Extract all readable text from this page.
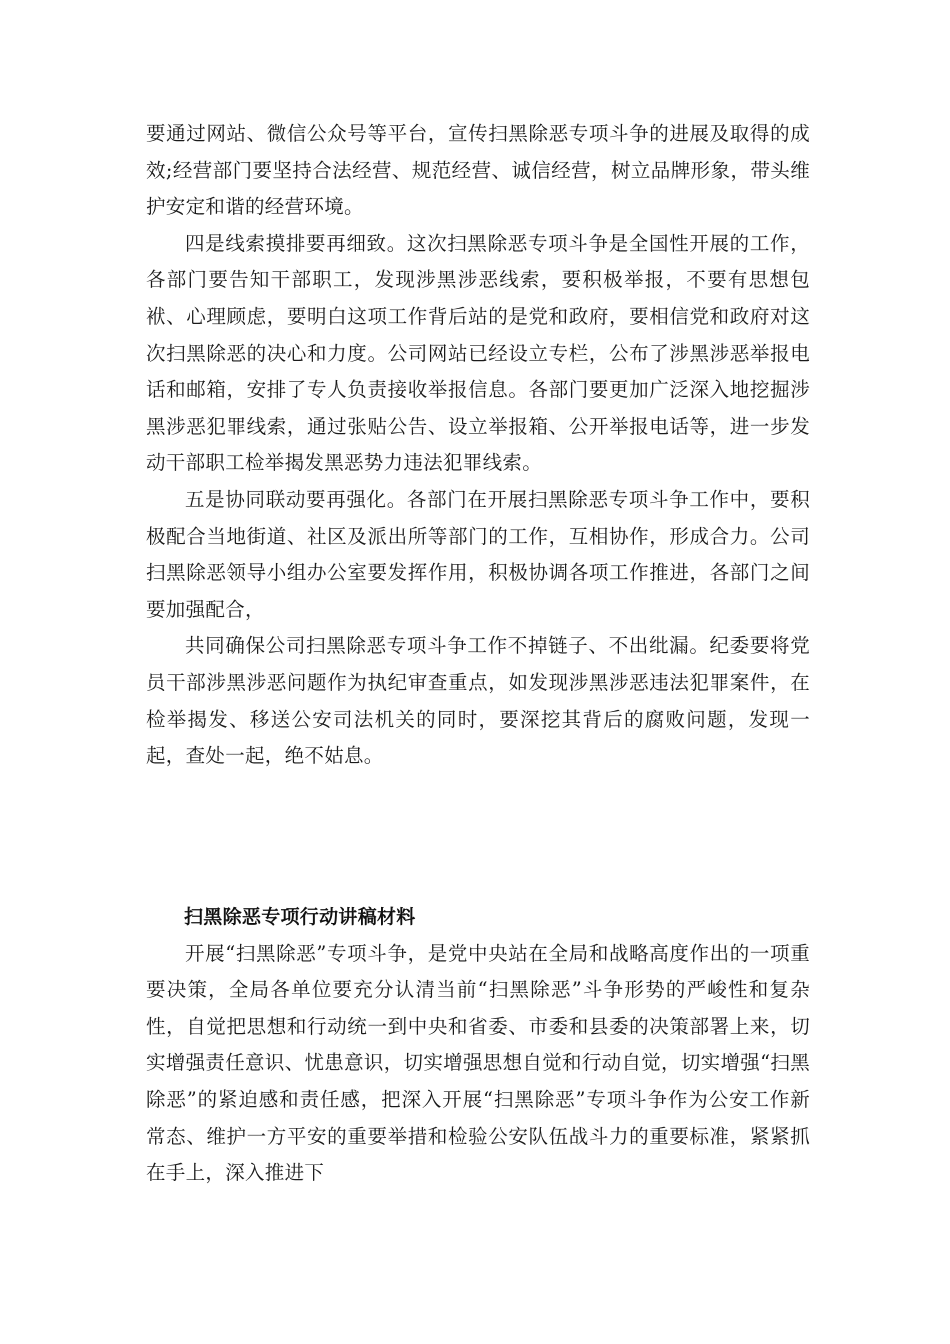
要通过网站、微信公众号等平台，宣传扫黑除恶专项斗争的进展及取得的成效;经营部门要坚持合法经营、规范经营、诚信经营，树立品牌形象，带头维护安定和谐的经营环境。

四是线索摸排要再细致。这次扫黑除恶专项斗争是全国性开展的工作，各部门要告知干部职工，发现涉黑涉恶线索，要积极举报，不要有思想包袱、心理顾虑，要明白这项工作背后站的是党和政府，要相信党和政府对这次扫黑除恶的决心和力度。公司网站已经设立专栏，公布了涉黑涉恶举报电话和邮箱，安排了专人负责接收举报信息。各部门要更加广泛深入地挖掘涉黑涉恶犯罪线索，通过张贴公告、设立举报箱、公开举报电话等，进一步发动干部职工检举揭发黑恶势力违法犯罪线索。

五是协同联动要再强化。各部门在开展扫黑除恶专项斗争工作中，要积极配合当地街道、社区及派出所等部门的工作，互相协作，形成合力。公司扫黑除恶领导小组办公室要发挥作用，积极协调各项工作推进，各部门之间要加强配合，

共同确保公司扫黑除恶专项斗争工作不掉链子、不出纰漏。纪委要将党员干部涉黑涉恶问题作为执纪审查重点，如发现涉黑涉恶违法犯罪案件，在检举揭发、移送公安司法机关的同时，要深挖其背后的腐败问题，发现一起，查处一起，绝不姑息。

扫黑除恶专项行动讲稿材料

开展“扫黑除恶”专项斗争，是党中央站在全局和战略高度作出的一项重要决策，全局各单位要充分认清当前“扫黑除恶”斗争形势的严峻性和复杂性，自觉把思想和行动统一到中央和省委、市委和县委的决策部署上来，切实增强责任意识、忧患意识，切实增强思想自觉和行动自觉，切实增强“扫黑除恶”的紧迫感和责任感，把深入开展“扫黑除恶”专项斗争作为公安工作新常态、维护一方平安的重要举措和检验公安队伍战斗力的重要标准，紧紧抓在手上，深入推进下
